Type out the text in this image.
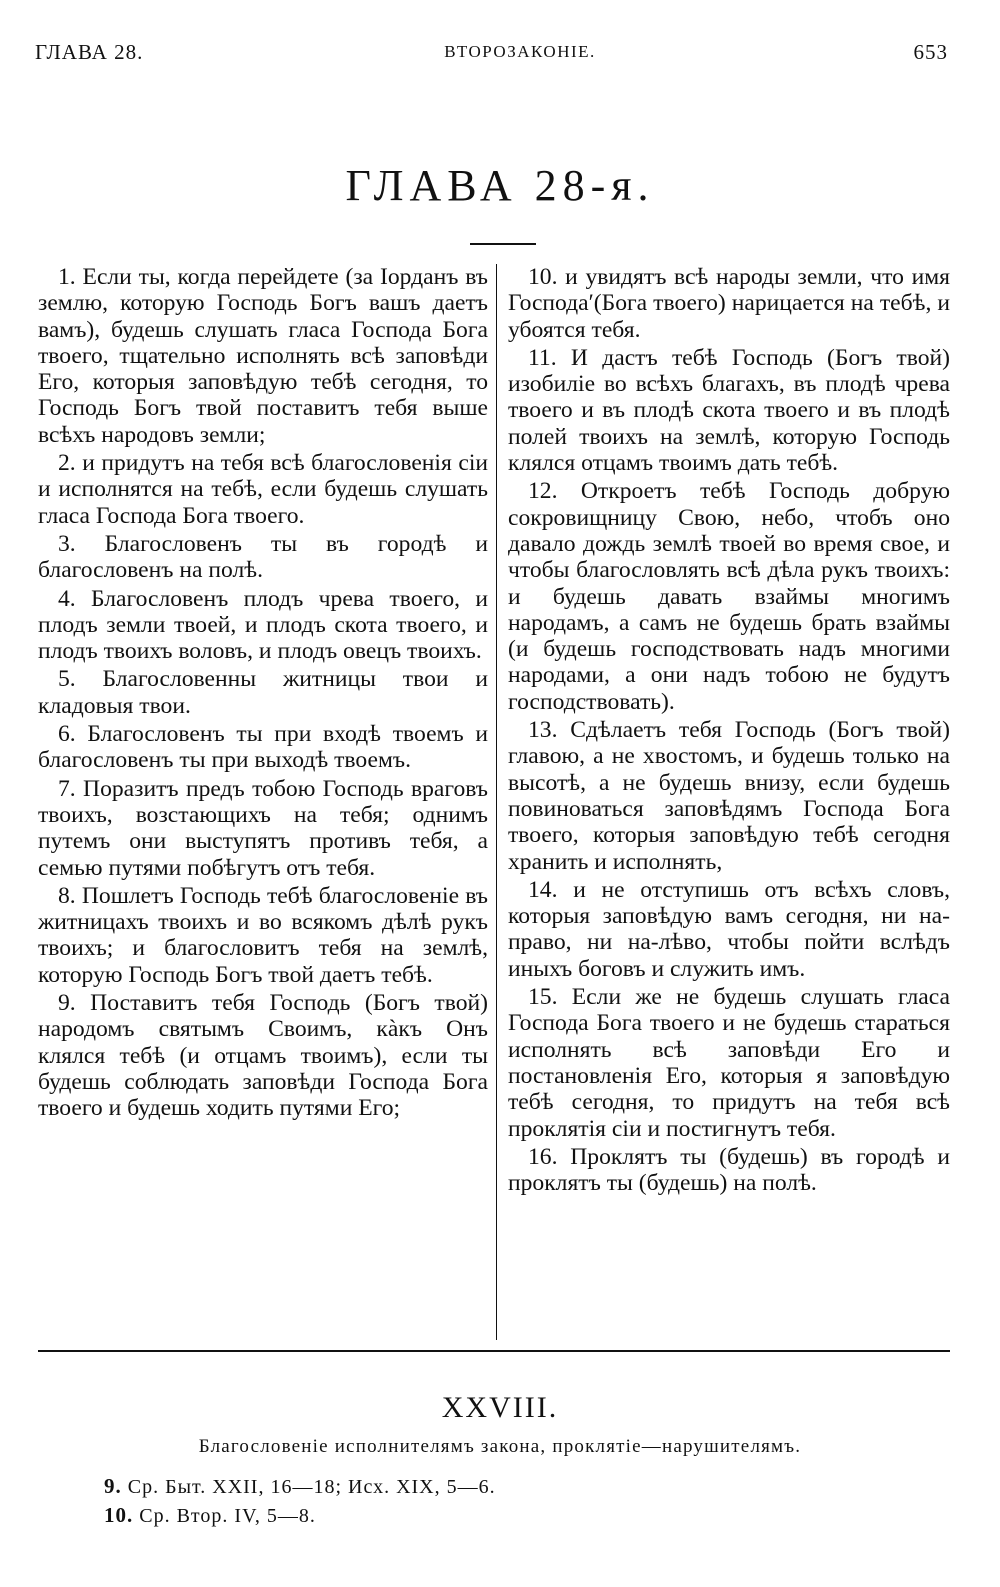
ГЛАВА 28.	ВТОРОЗАКОНІЕ.	653
ГЛАВА 28-я.

1. Если ты, когда перейдете (за Іорданъ въ землю, которую Господь Богъ вашъ даетъ вамъ), будешь слушать гласа Господа Бога твоего, тщательно исполнять всѣ заповѣди Его, которыя заповѣдую тебѣ сегодня, то Господь Богъ твой поставитъ тебя выше всѣхъ народовъ земли;

2. и придутъ на тебя всѣ благословенія сіи и исполнятся на тебѣ, если будешь слушать гласа Господа Бога твоего.

3. Благословенъ ты въ городѣ и благословенъ на полѣ.

4. Благословенъ плодъ чрева твоего, и плодъ земли твоей, и плодъ скота твоего, и плодъ твоихъ воловъ, и плодъ овецъ твоихъ.

5. Благословенны житницы твои и кладовыя твои.

6. Благословенъ ты при входѣ твоемъ и благословенъ ты при выходѣ твоемъ.

7. Поразитъ предъ тобою Господь враговъ твоихъ, возстающихъ на тебя; однимъ путемъ они выступятъ противъ тебя, а семью путями побѣгутъ отъ тебя.

8. Пошлетъ Господь тебѣ благословеніе въ житницахъ твоихъ и во всякомъ дѣлѣ рукъ твоихъ; и благословитъ тебя на землѣ, которую Господь Богъ твой даетъ тебѣ.

9. Поставитъ тебя Господь (Богъ твой) народомъ святымъ Своимъ, кàкъ Онъ клялся тебѣ (и отцамъ твоимъ), если ты будешь соблюдать заповѣди Господа Бога твоего и будешь ходить путями Его;

10. и увидятъ всѣ народы земли, что имя Господа′(Бога твоего) нарицается на тебѣ, и убоятся тебя.

11. И дастъ тебѣ Господь (Богъ твой) изобиліе во всѣхъ благахъ, въ плодѣ чрева твоего и въ плодѣ скота твоего и въ плодѣ полей твоихъ на землѣ, которую Господь клялся отцамъ твоимъ дать тебѣ.

12. Откроетъ тебѣ Господь добрую сокровищницу Свою, небо, чтобъ оно давало дождь землѣ твоей во время свое, и чтобы благословлять всѣ дѣла рукъ твоихъ: и будешь давать взаймы многимъ народамъ, а самъ не будешь брать взаймы (и будешь господствовать надъ многими народами, а они надъ тобою не будутъ господствовать).

13. Сдѣлаетъ тебя Господь (Богъ твой) главою, а не хвостомъ, и будешь только на высотѣ, а не будешь внизу, если будешь повиноваться заповѣдямъ Господа Бога твоего, которыя заповѣдую тебѣ сегодня хранить и исполнять,

14. и не отступишь отъ всѣхъ словъ, которыя заповѣдую вамъ сегодня, ни на-право, ни на-лѣво, чтобы пойти вслѣдъ иныхъ боговъ и служить имъ.

15. Если же не будешь слушать гласа Господа Бога твоего и не будешь стараться исполнять всѣ заповѣди Его и постановленія Его, которыя я заповѣдую тебѣ сегодня, то придутъ на тебя всѣ проклятія сіи и постигнутъ тебя.

16. Проклятъ ты (будешь) въ городѣ и проклятъ ты (будешь) на полѣ.

XXVIII.
Благословеніе исполнителямъ закона, проклятіе—нарушителямъ.
9. Ср. Быт. XXII, 16—18; Исх. XIX, 5—6.
10. Ср. Втор. IV, 5—8.
